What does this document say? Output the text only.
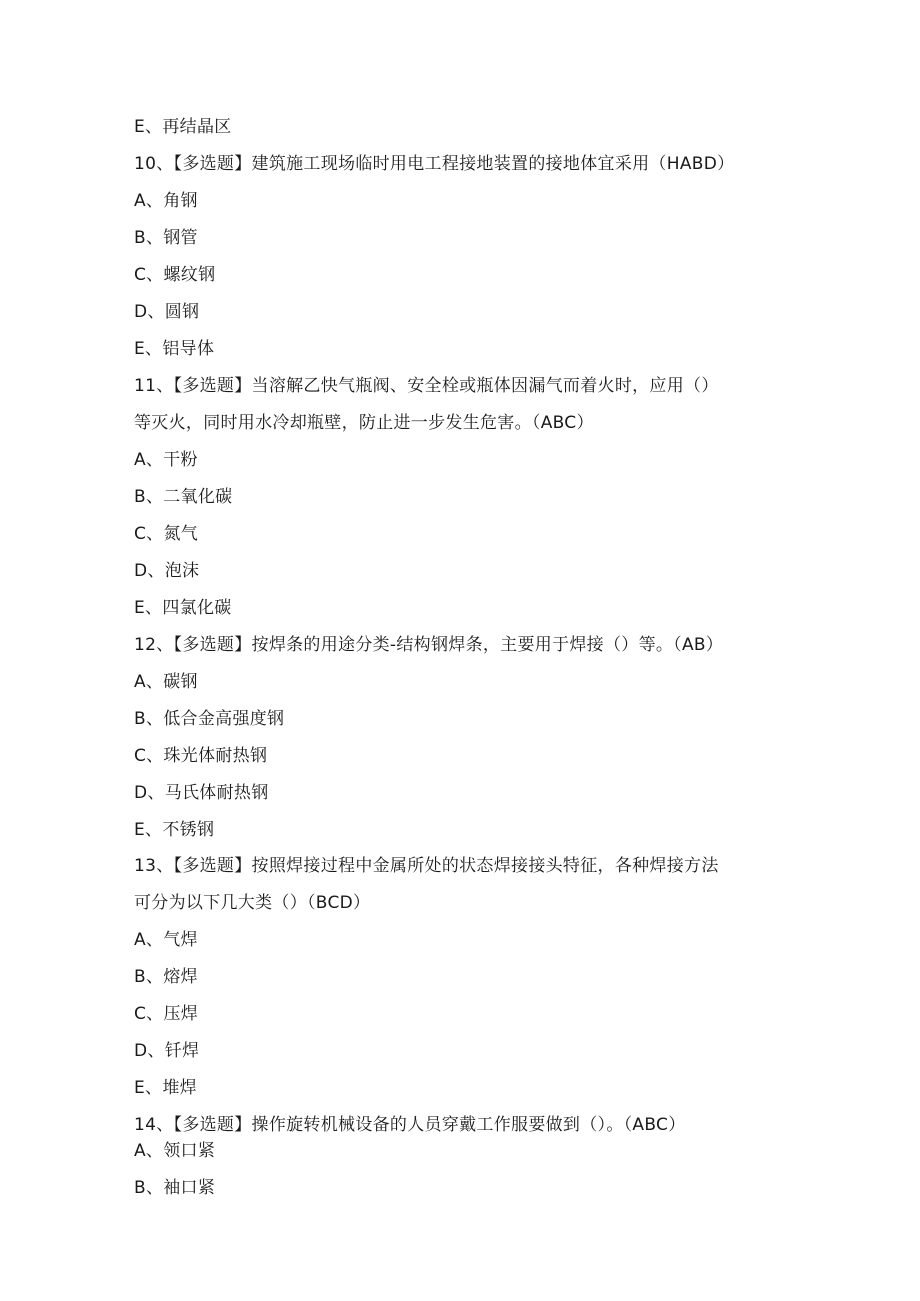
E、再结晶区
10、【多选题】建筑施工现场临时用电工程接地装置的接地体宜采用（HABD）
A、角钢
B、钢管
C、螺纹钢
D、圆钢
E、铝导体
11、【多选题】当溶解乙快气瓶阀、安全栓或瓶体因漏气而着火时，应用（）
等灭火，同时用水冷却瓶壁，防止进一步发生危害。（ABC）
A、干粉
B、二氧化碳
C、氮气
D、泡沫
E、四氯化碳
12、【多选题】按焊条的用途分类-结构钢焊条，主要用于焊接（）等。（AB）
A、碳钢
B、低合金高强度钢
C、珠光体耐热钢
D、马氏体耐热钢
E、不锈钢
13、【多选题】按照焊接过程中金属所处的状态焊接接头特征，各种焊接方法
可分为以下几大类（）（BCD）
A、气焊
B、熔焊
C、压焊
D、钎焊
E、堆焊
14、【多选题】操作旋转机械设备的人员穿戴工作服要做到（）。（ABC）
A、领口紧
B、袖口紧
